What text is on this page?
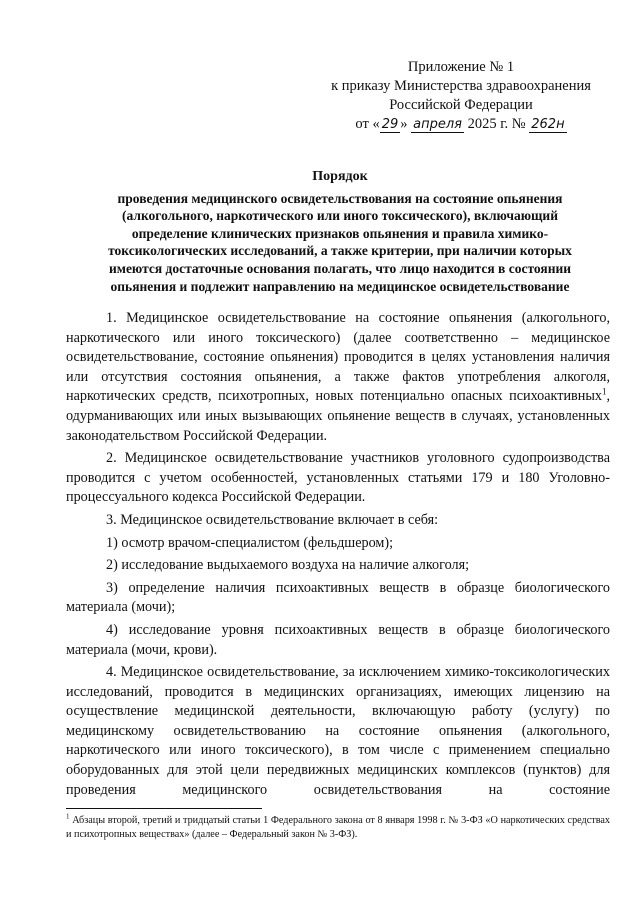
Приложение № 1
к приказу Министерства здравоохранения
Российской Федерации
от « 29 » апреля 2025 г. № 262н
Порядок
проведения медицинского освидетельствования на состояние опьянения
(алкогольного, наркотического или иного токсического), включающий
определение клинических признаков опьянения и правила химико-
токсикологических исследований, а также критерии, при наличии которых
имеются достаточные основания полагать, что лицо находится в состоянии
опьянения и подлежит направлению на медицинское освидетельствование

1. Медицинское освидетельствование на состояние опьянения (алкогольного, наркотического или иного токсического) (далее соответственно – медицинское освидетельствование, состояние опьянения) проводится в целях установления наличия или отсутствия состояния опьянения, а также фактов употребления алкоголя, наркотических средств, психотропных, новых потенциально опасных психоактивных$^1$, одурманивающих или иных вызывающих опьянение веществ в случаях, установленных законодательством Российской Федерации.

2. Медицинское освидетельствование участников уголовного судопроизводства проводится с учетом особенностей, установленных статьями 179 и 180 Уголовно-процессуального кодекса Российской Федерации.

3. Медицинское освидетельствование включает в себя:

1) осмотр врачом-специалистом (фельдшером);

2) исследование выдыхаемого воздуха на наличие алкоголя;

3) определение наличия психоактивных веществ в образце биологического материала (мочи);

4) исследование уровня психоактивных веществ в образце биологического материала (мочи, крови).

4. Медицинское освидетельствование, за исключением химико-токсикологических исследований, проводится в медицинских организациях, имеющих лицензию на осуществление медицинской деятельности, включающую работу (услугу) по медицинскому освидетельствованию на состояние опьянения (алкогольного, наркотического или иного токсического), в том числе с применением специально оборудованных для этой цели передвижных медицинских комплексов (пунктов) для проведения медицинского освидетельствования на состояние

$^1$ Абзацы второй, третий и тридцатый статьи 1 Федерального закона от 8 января 1998 г. № 3-ФЗ «О наркотических средствах и психотропных веществах» (далее – Федеральный закон № 3-ФЗ).
